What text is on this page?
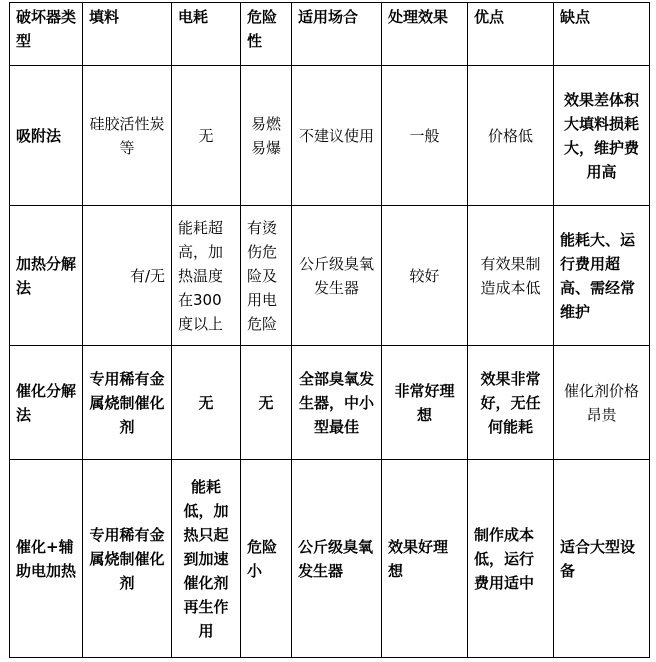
破坏器类型	填料	电耗	危险性	适用场合	处理效果	优点	缺点
吸附法	硅胶活性炭等	无	易燃易爆	不建议使用	一般	价格低	效果差体积大填料损耗大，维护费用高
加热分解法	有/无	能耗超高，加热温度在300度以上	有烫伤危险及用电危险	公斤级臭氧发生器	较好	有效果制造成本低	能耗大、运行费用超高、需经常维护
催化分解法	专用稀有金属烧制催化剂	无	无	全部臭氧发生器，中小型最佳	非常好理想	效果非常好，无任何能耗	催化剂价格昂贵
催化+辅助电加热	专用稀有金属烧制催化剂	能耗低，加热只起到加速催化剂再生作用	危险小	公斤级臭氧发生器	效果好理想	制作成本低，运行费用适中	适合大型设备
